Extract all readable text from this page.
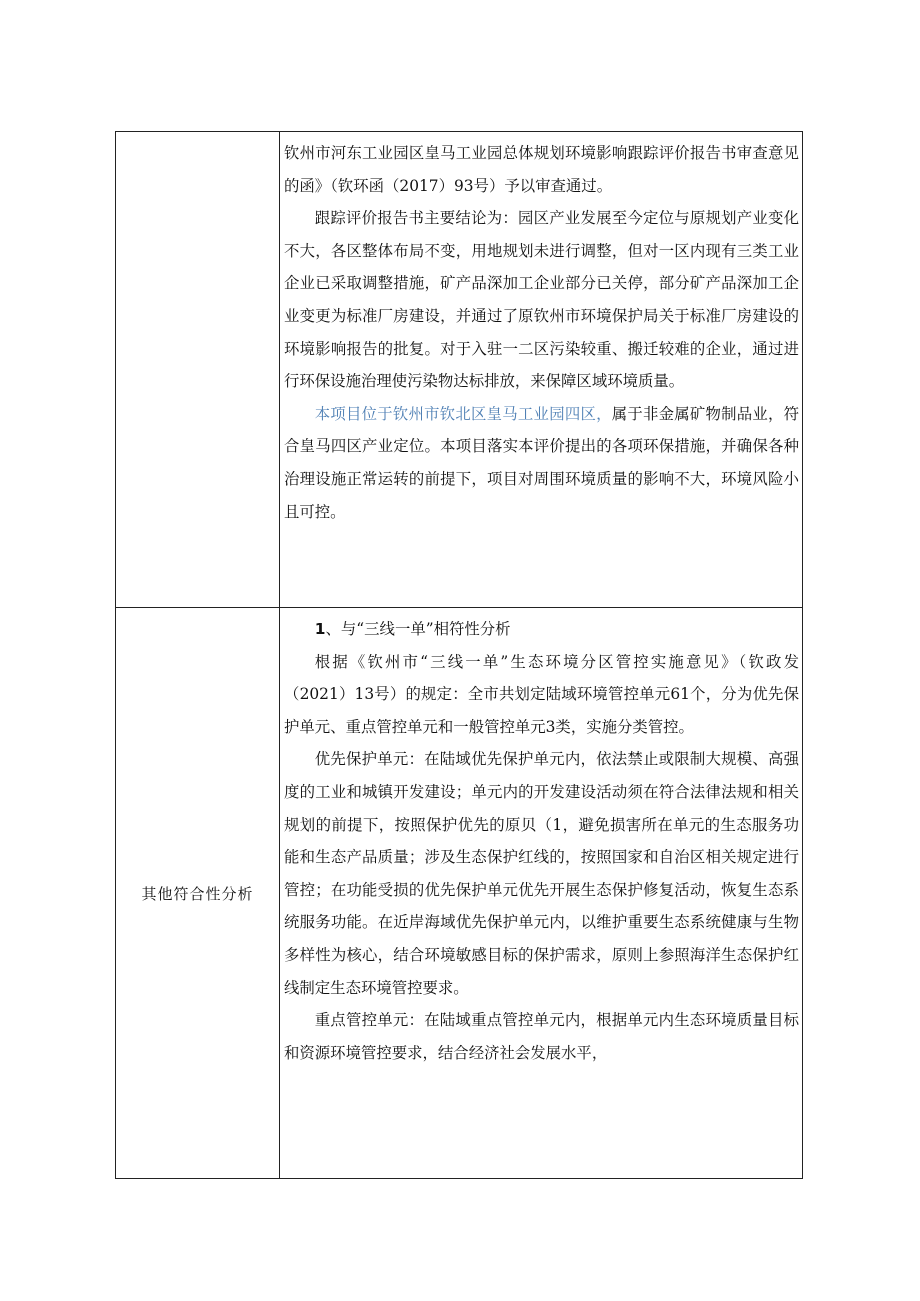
	钦州市河东工业园区皇马工业园总体规划环境影响跟踪评价报告书审查意见的函》（钦环函（2017）93号）予以审查通过。

跟踪评价报告书主要结论为：园区产业发展至今定位与原规划产业变化不大，各区整体布局不变，用地规划未进行调整，但对一区内现有三类工业企业已采取调整措施，矿产品深加工企业部分已关停，部分矿产品深加工企业变更为标准厂房建设，并通过了原钦州市环境保护局关于标准厂房建设的环境影响报告的批复。对于入驻一二区污染较重、搬迁较难的企业，通过进行环保设施治理使污染物达标排放，来保障区域环境质量。

本项目位于钦州市钦北区皇马工业园四区，属于非金属矿物制品业，符合皇马四区产业定位。本项目落实本评价提出的各项环保措施，并确保各种治理设施正常运转的前提下，项目对周围环境质量的影响不大，环境风险小且可控。

其他符合性分析	1、与“三线一单”相符性分析

根据《钦州市“三线一单”生态环境分区管控实施意见》（钦政发（2021）13号）的规定：全市共划定陆域环境管控单元61个，分为优先保护单元、重点管控单元和一般管控单元3类，实施分类管控。

优先保护单元：在陆域优先保护单元内，依法禁止或限制大规模、高强度的工业和城镇开发建设；单元内的开发建设活动须在符合法律法规和相关规划的前提下，按照保护优先的原贝（1，避免损害所在单元的生态服务功能和生态产品质量；涉及生态保护红线的，按照国家和自治区相关规定进行管控；在功能受损的优先保护单元优先开展生态保护修复活动，恢复生态系统服务功能。在近岸海域优先保护单元内，以维护重要生态系统健康与生物多样性为核心，结合环境敏感目标的保护需求，原则上参照海洋生态保护红线制定生态环境管控要求。

重点管控单元：在陆域重点管控单元内，根据单元内生态环境质量目标和资源环境管控要求，结合经济社会发展水平，
